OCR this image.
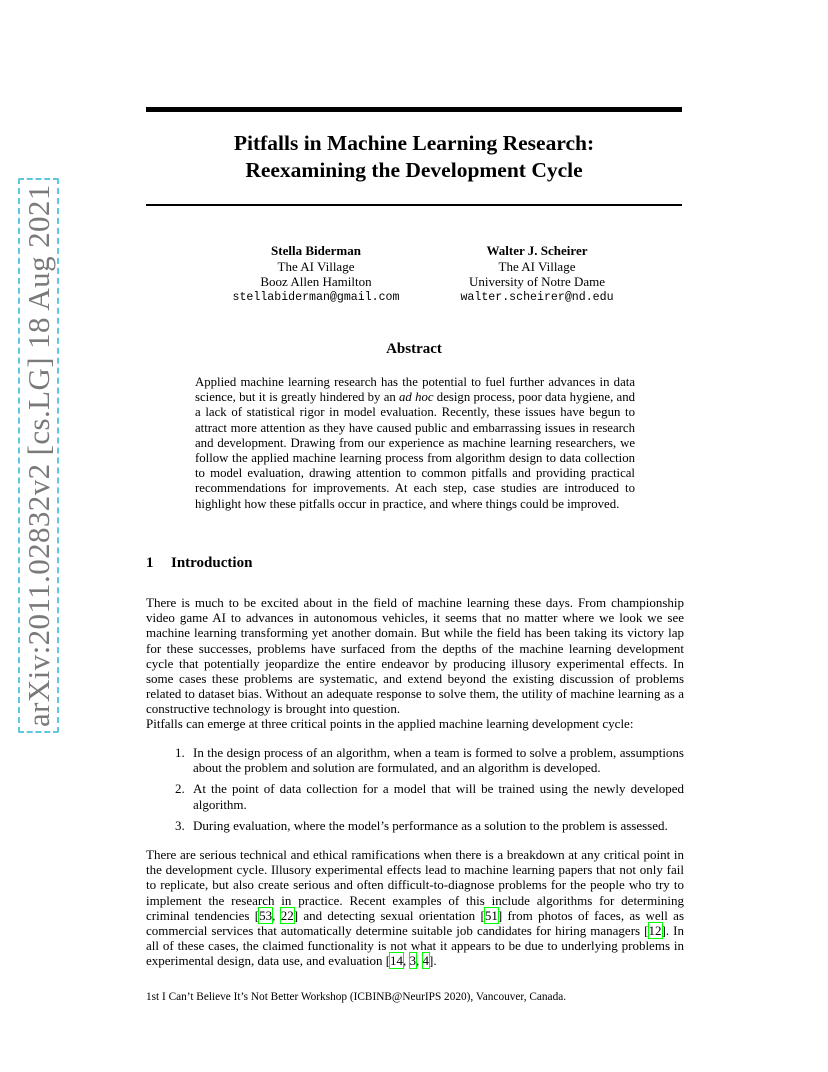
arXiv:2011.02832v2 [cs.LG] 18 Aug 2021
Pitfalls in Machine Learning Research:
Reexamining the Development Cycle
Stella Biderman
The AI Village
Booz Allen Hamilton
stellabiderman@gmail.com
Walter J. Scheirer
The AI Village
University of Notre Dame
walter.scheirer@nd.edu
Abstract
Applied machine learning research has the potential to fuel further advances in data science, but it is greatly hindered by an ad hoc design process, poor data hygiene, and a lack of statistical rigor in model evaluation. Recently, these issues have begun to attract more attention as they have caused public and embarrassing issues in research and development. Drawing from our experience as machine learning researchers, we follow the applied machine learning process from algorithm design to data collection to model evaluation, drawing attention to common pitfalls and providing practical recommendations for improvements. At each step, case studies are introduced to highlight how these pitfalls occur in practice, and where things could be improved.
1 Introduction
There is much to be excited about in the field of machine learning these days. From championship video game AI to advances in autonomous vehicles, it seems that no matter where we look we see machine learning transforming yet another domain. But while the field has been taking its victory lap for these successes, problems have surfaced from the depths of the machine learning development cycle that potentially jeopardize the entire endeavor by producing illusory experimental effects. In some cases these problems are systematic, and extend beyond the existing discussion of problems related to dataset bias. Without an adequate response to solve them, the utility of machine learning as a constructive technology is brought into question.
Pitfalls can emerge at three critical points in the applied machine learning development cycle:
1. In the design process of an algorithm, when a team is formed to solve a problem, assumptions about the problem and solution are formulated, and an algorithm is developed.
2. At the point of data collection for a model that will be trained using the newly developed algorithm.
3. During evaluation, where the model’s performance as a solution to the problem is assessed.
There are serious technical and ethical ramifications when there is a breakdown at any critical point in the development cycle. Illusory experimental effects lead to machine learning papers that not only fail to replicate, but also create serious and often difficult-to-diagnose problems for the people who try to implement the research in practice. Recent examples of this include algorithms for determining criminal tendencies [53, 22] and detecting sexual orientation [51] from photos of faces, as well as commercial services that automatically determine suitable job candidates for hiring managers [12]. In all of these cases, the claimed functionality is not what it appears to be due to underlying problems in experimental design, data use, and evaluation [14, 3, 4].
1st I Can’t Believe It’s Not Better Workshop (ICBINB@NeurIPS 2020), Vancouver, Canada.
